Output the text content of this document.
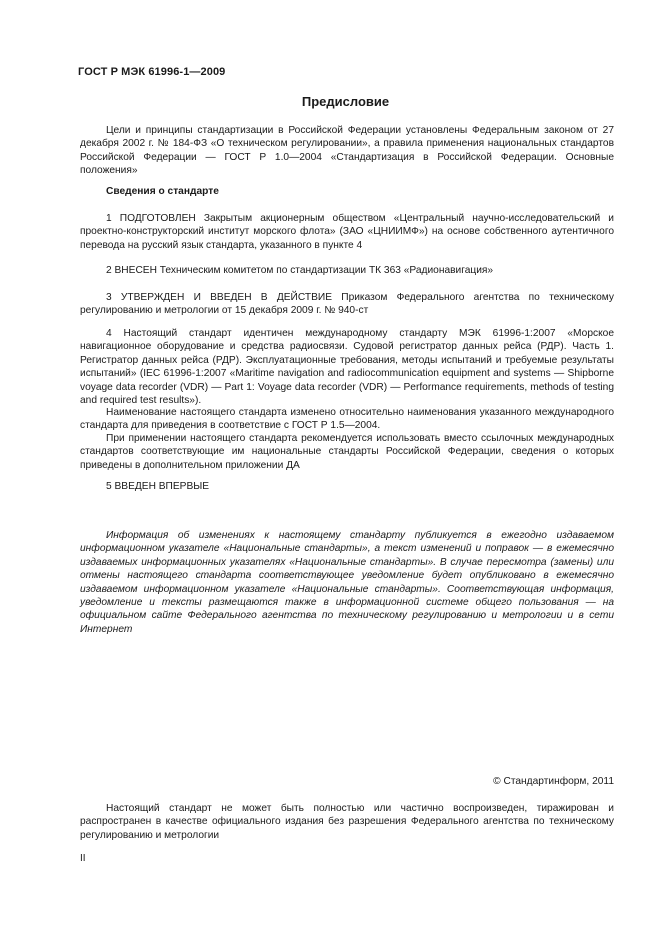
ГОСТ Р МЭК 61996-1—2009
Предисловие

Цели и принципы стандартизации в Российской Федерации установлены Федеральным законом от 27 декабря 2002 г. № 184-ФЗ «О техническом регулировании», а правила применения национальных стандартов Российской Федерации — ГОСТ Р 1.0—2004 «Стандартизация в Российской Федерации. Основные положения»

Сведения о стандарте

1 ПОДГОТОВЛЕН Закрытым акционерным обществом «Центральный научно-исследовательский и проектно-конструкторский институт морского флота» (ЗАО «ЦНИИМФ») на основе собственного аутентичного перевода на русский язык стандарта, указанного в пункте 4

2 ВНЕСЕН Техническим комитетом по стандартизации ТК 363 «Радионавигация»

3 УТВЕРЖДЕН И ВВЕДЕН В ДЕЙСТВИЕ Приказом Федерального агентства по техническому регулированию и метрологии от 15 декабря 2009 г. № 940-ст

4 Настоящий стандарт идентичен международному стандарту МЭК 61996-1:2007 «Морское навигационное оборудование и средства радиосвязи. Судовой регистратор данных рейса (РДР). Часть 1. Регистратор данных рейса (РДР). Эксплуатационные требования, методы испытаний и требуемые результаты испытаний» (IEC 61996-1:2007 «Maritime navigation and radiocommunication equipment and systems — Shipborne voyage data recorder (VDR) — Part 1: Voyage data recorder (VDR) — Performance requirements, methods of testing and required test results»).

Наименование настоящего стандарта изменено относительно наименования указанного международного стандарта для приведения в соответствие с ГОСТ Р 1.5—2004.

При применении настоящего стандарта рекомендуется использовать вместо ссылочных международных стандартов соответствующие им национальные стандарты Российской Федерации, сведения о которых приведены в дополнительном приложении ДА

5 ВВЕДЕН ВПЕРВЫЕ

Информация об изменениях к настоящему стандарту публикуется в ежегодно издаваемом информационном указателе «Национальные стандарты», а текст изменений и поправок — в ежемесячно издаваемых информационных указателях «Национальные стандарты». В случае пересмотра (замены) или отмены настоящего стандарта соответствующее уведомление будет опубликовано в ежемесячно издаваемом информационном указателе «Национальные стандарты». Соответствующая информация, уведомление и тексты размещаются также в информационной системе общего пользования — на официальном сайте Федерального агентства по техническому регулированию и метрологии и в сети Интернет

© Стандартинформ, 2011

Настоящий стандарт не может быть полностью или частично воспроизведен, тиражирован и распространен в качестве официального издания без разрешения Федерального агентства по техническому регулированию и метрологии

II
